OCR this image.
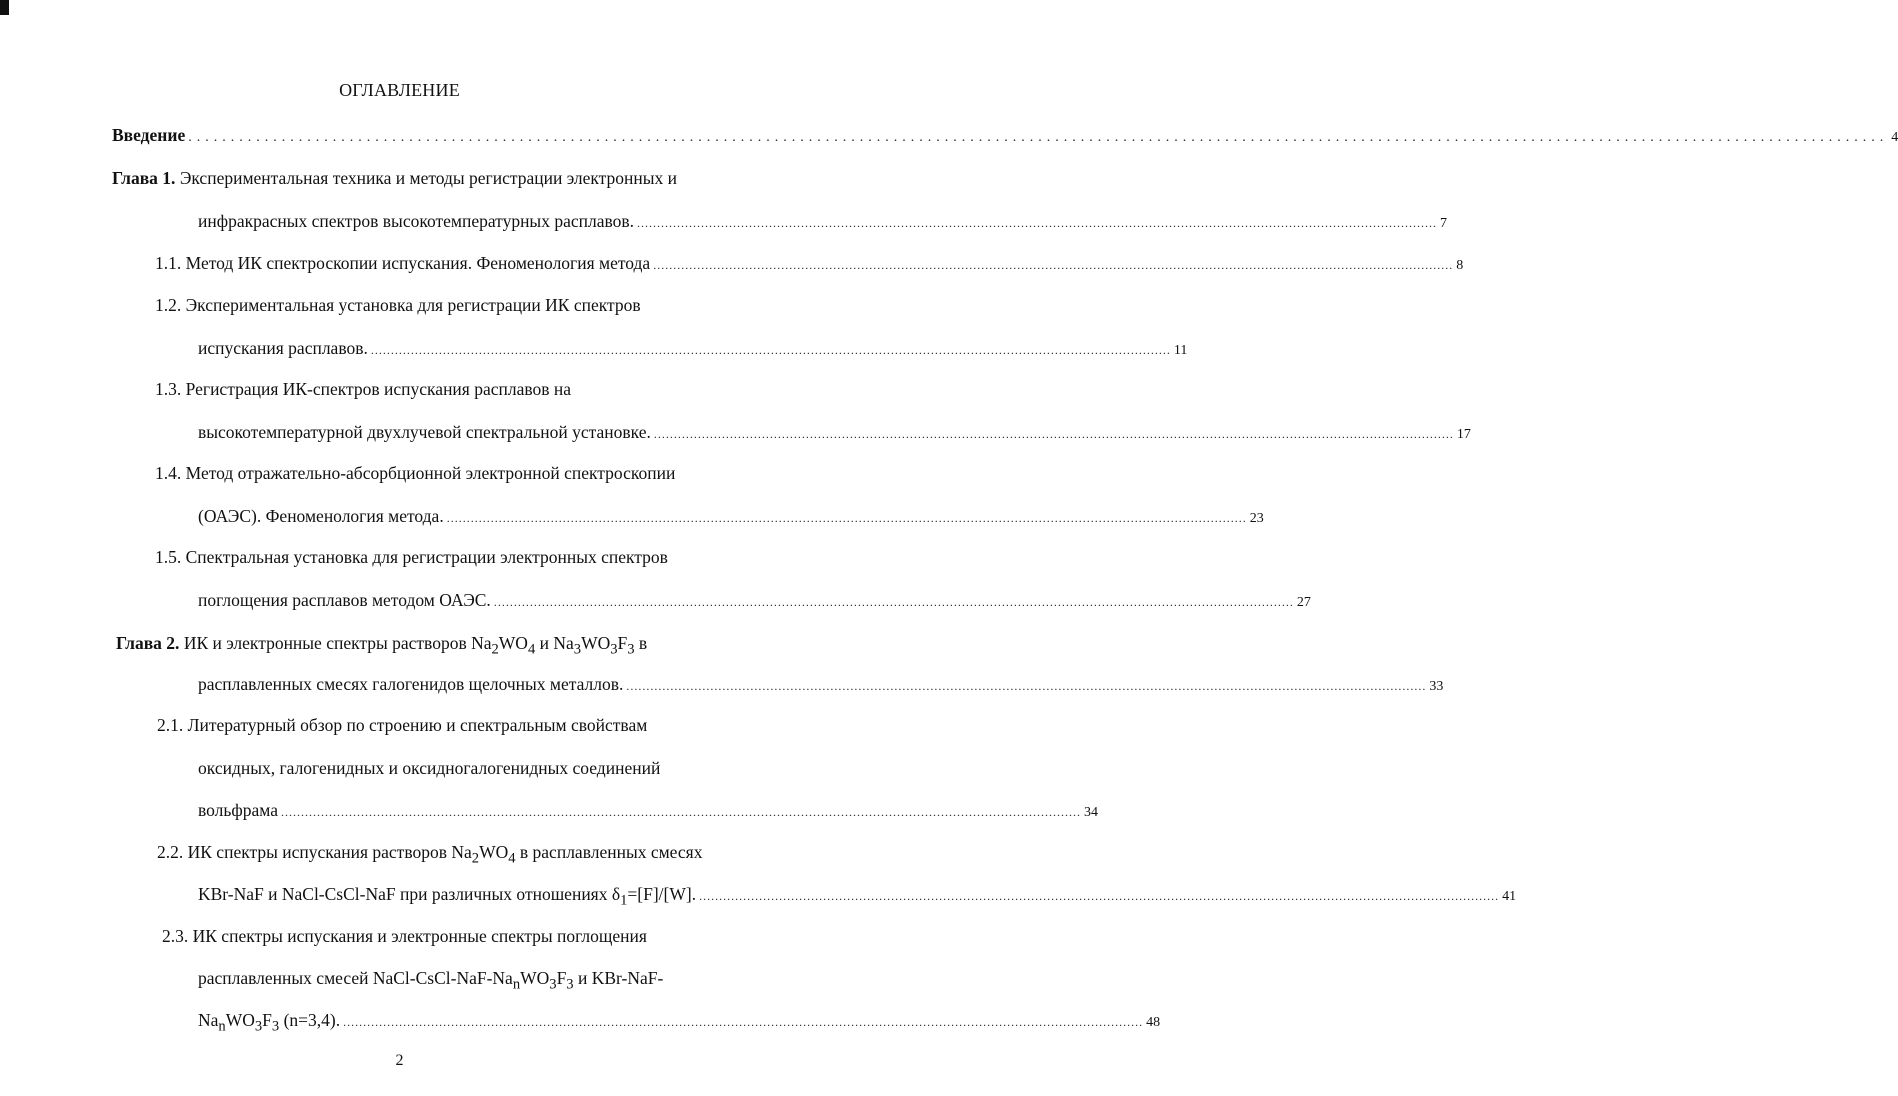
ОГЛАВЛЕНИЕ
Введение ........................................................................................................................................................................................................ 4
Глава 1. Экспериментальная техника и методы регистрации электронных и
инфракрасных спектров высокотемпературных расплавов. ........................................................................................................................................................................................................ 7
1.1. Метод ИК спектроскопии испускания. Феноменология метода ........................................................................................................................................................................................................ 8
1.2. Экспериментальная установка для регистрации ИК спектров
испускания расплавов. ........................................................................................................................................................................................................ 11
1.3. Регистрация ИК-спектров испускания расплавов на
высокотемпературной двухлучевой спектральной установке. ........................................................................................................................................................................................................ 17
1.4. Метод отражательно-абсорбционной электронной спектроскопии
(ОАЭС). Феноменология метода. ........................................................................................................................................................................................................ 23
1.5. Спектральная установка для регистрации электронных спектров
поглощения расплавов методом ОАЭС. ........................................................................................................................................................................................................ 27
Глава 2. ИК и электронные спектры растворов $Na_2WO_4$ и $Na_3WO_3F_3$ в
расплавленных смесях галогенидов щелочных металлов. ........................................................................................................................................................................................................ 33
2.1. Литературный обзор по строению и спектральным свойствам
оксидных, галогенидных и оксидногалогенидных соединений
вольфрама ........................................................................................................................................................................................................ 34
2.2. ИК спектры испускания растворов $Na_2WO_4$ в расплавленных смесях
KBr-NaF и NaCl-CsCl-NaF при различных отношениях $\delta_1=[F]/[W]$. ........................................................................................................................................................................................................ 41
2.3. ИК спектры испускания и электронные спектры поглощения
расплавленных смесей NaCl-$CsCl-NaF-Na_nWO_3F_3$ и KBr-NaF-
$Na_nWO_3F_3$ (n=3,4). ........................................................................................................................................................................................................ 48
2
